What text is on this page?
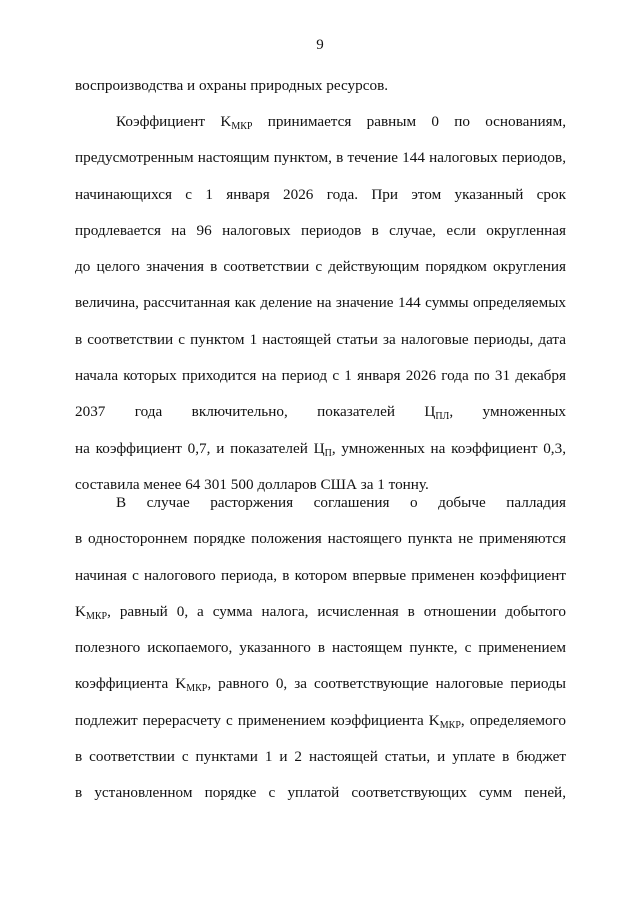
9
воспроизводства и охраны природных ресурсов.
Коэффициент $K_{МКР}$ принимается равным 0 по основаниям,
предусмотренным настоящим пунктом, в течение 144 налоговых периодов,
начинающихся с 1 января 2026 года. При этом указанный срок
продлевается на 96 налоговых периодов в случае, если округленная
до целого значения в соответствии с действующим порядком округления
величина, рассчитанная как деление на значение 144 суммы определяемых
в соответствии с пунктом 1 настоящей статьи за налоговые периоды, дата
начала которых приходится на период с 1 января 2026 года по 31 декабря
2037 года включительно, показателей $Ц_{ПЛ}$, умноженных
на коэффициент 0,7, и показателей $Ц_П$, умноженных на коэффициент 0,3,
составила менее 64 301 500 долларов США за 1 тонну.
В случае расторжения соглашения о добыче палладия
в одностороннем порядке положения настоящего пункта не применяются
начиная с налогового периода, в котором впервые применен коэффициент
$K_{МКР}$, равный 0, а сумма налога, исчисленная в отношении добытого
полезного ископаемого, указанного в настоящем пункте, с применением
коэффициента $K_{МКР}$, равного 0, за соответствующие налоговые периоды
подлежит перерасчету с применением коэффициента $K_{МКР}$, определяемого
в соответствии с пунктами 1 и 2 настоящей статьи, и уплате в бюджет
в установленном порядке с уплатой соответствующих сумм пеней,
